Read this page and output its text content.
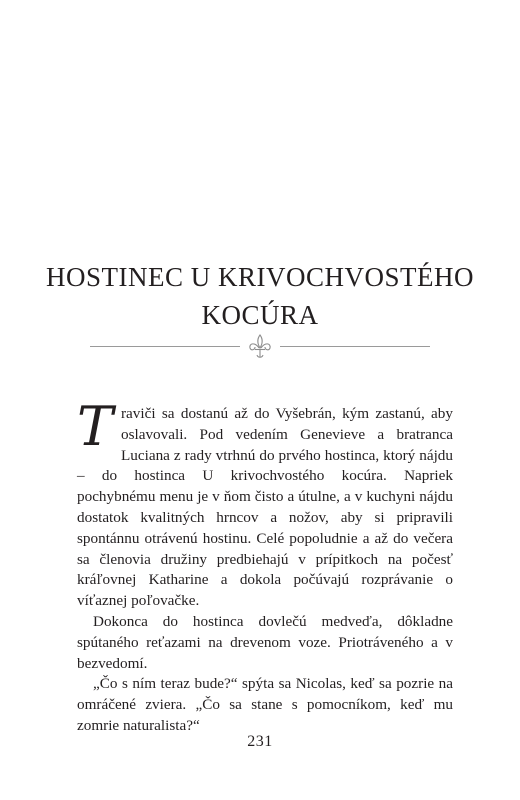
HOSTINEC U KRIVOCHVOSTÉHO
KOCÚRA

Traviči sa dostanú až do Vyšebrán, kým zastanú, aby oslavovali. Pod vedením Genevieve a bratranca Luciana z rady vtrhnú do prvého hostinca, ktorý nájdu – do hostinca U krivochvostého kocúra. Napriek pochybnému menu je v ňom čisto a útulne, a v kuchyni nájdu dostatok kvalitných hrncov a nožov, aby si pripravili spontánnu otrávenú hostinu. Celé popoludnie a až do večera sa členovia družiny predbiehajú v prípitkoch na počesť kráľovnej Katharine a dokola počúvajú rozprávanie o víťaznej poľovačke.

Dokonca do hostinca dovlečú medveďa, dôkladne spútaného reťazami na drevenom voze. Priotráveného a v bezvedomí.

„Čo s ním teraz bude?“ spýta sa Nicolas, keď sa pozrie na omráčené zviera. „Čo sa stane s pomocníkom, keď mu zomrie naturalista?“

231
